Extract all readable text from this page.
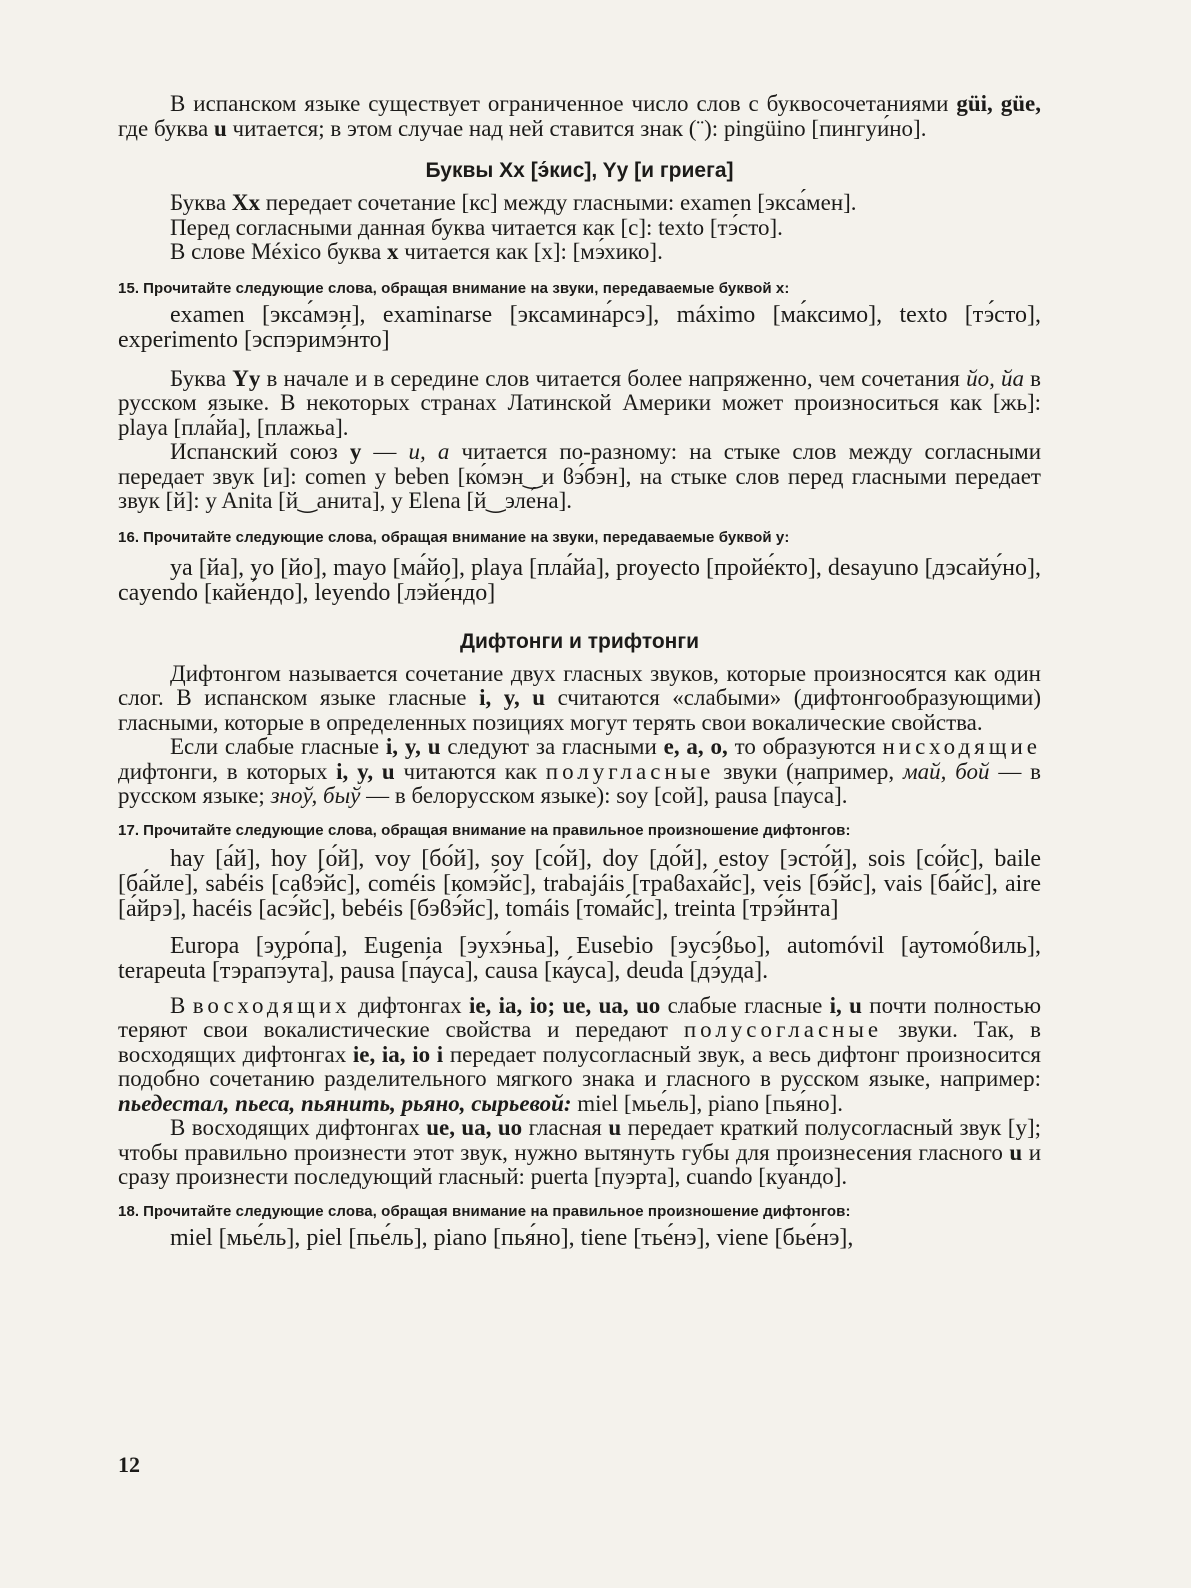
В испанском языке существует ограниченное число слов с буквосочетаниями güi, güe, где буква u читается; в этом случае над ней ставится знак (¨): pingüino [пингуи́но].

Буквы Xx [э́кис], Yy [и гриега]

Буква Xx передает сочетание [кс] между гласными: examen [экса́мен].

Перед согласными данная буква читается как [с]: texto [тэ́сто].

В слове México буква x читается как [х]: [мэ́хико].

15. Прочитайте следующие слова, обращая внимание на звуки, передаваемые буквой x:

examen [экса́мэн], examinarse [эксамина́рсэ], máximo [ма́ксимо], texto [тэ́сто], experimento [эспэримэ́нто]

Буква Yy в начале и в середине слов читается более напряженно, чем сочетания йо, йа в русском языке. В некоторых странах Латинской Америки может произноситься как [жь]: playa [пла́йа], [плажьа].

Испанский союз y — и, а читается по-разному: на стыке слов между согласными передает звук [и]: comen y beben [ко́мэн‿и ϐэ́бэн], на стыке слов перед гласными передает звук [й]: y Anita [й‿анита], y Elena [й‿эле́на].

16. Прочитайте следующие слова, обращая внимание на звуки, передаваемые буквой y:

ya [йа], yo [йо], mayo [ма́йо], playa [пла́йа], proyecto [пройе́кто], desayuno [дэсайу́но], cayendo [кайе́ндо], leyendo [лэйе́ндо]

Дифтонги и трифтонги

Дифтонгом называется сочетание двух гласных звуков, которые произносятся как один слог. В испанском языке гласные i, y, u считаются «слабыми» (дифтонгообразующими) гласными, которые в определенных позициях могут терять свои вокалические свойства.

Если слабые гласные i, y, u следуют за гласными e, a, o, то образуются нисходящие дифтонги, в которых i, y, u читаются как полугласные звуки (например, май, бой — в русском языке; зноў, быў — в белорусском языке): soy [сой], pausa [па́уса].

17. Прочитайте следующие слова, обращая внимание на правильное произношение дифтонгов:

hay [а́й], hoy [о́й], voy [бо́й], soy [со́й], doy [до́й], estoy [эсто́й], sois [со́йс], baile [ба́йле], sabéis [саϐэ́йс], coméis [комэ́йс], trabajáis [траϐаха́йс], veis [бэ́йс], vais [ба́йс], aire [а́йрэ], hacéis [асэ́йс], bebéis [бэϐэ́йс], tomáis [тома́йс], treinta [трэ́йнта]

Europa [эуро́па], Eugenia [эухэ́ньа], Eusebio [эусэ́ϐьо], automóvil [аутомо́ϐиль], terapeuta [тэрапэ́ута], pausa [па́уса], causa [ка́уса], deuda [дэ́уда].

В восходящих дифтонгах ie, ia, io; ue, ua, uo слабые гласные i, u почти полностью теряют свои вокалистические свойства и передают полусогласные звуки. Так, в восходящих дифтонгах ie, ia, io i передает полусогласный звук, а весь дифтонг произносится подобно сочетанию разделительного мягкого знака и гласного в русском языке, например: пьедестал, пьеса, пьянить, рьяно, сырьевой: miel [мье́ль], piano [пья́но].

В восходящих дифтонгах ue, ua, uo гласная u передает краткий полусогласный звук [у]; чтобы правильно произнести этот звук, нужно вытянуть губы для произнесения гласного u и сразу произнести последующий гласный: puerta [пуэрта], cuando [куа́ндо].

18. Прочитайте следующие слова, обращая внимание на правильное произношение дифтонгов:

miel [мье́ль], piel [пье́ль], piano [пья́но], tiene [тье́нэ], viene [бье́нэ],

12
